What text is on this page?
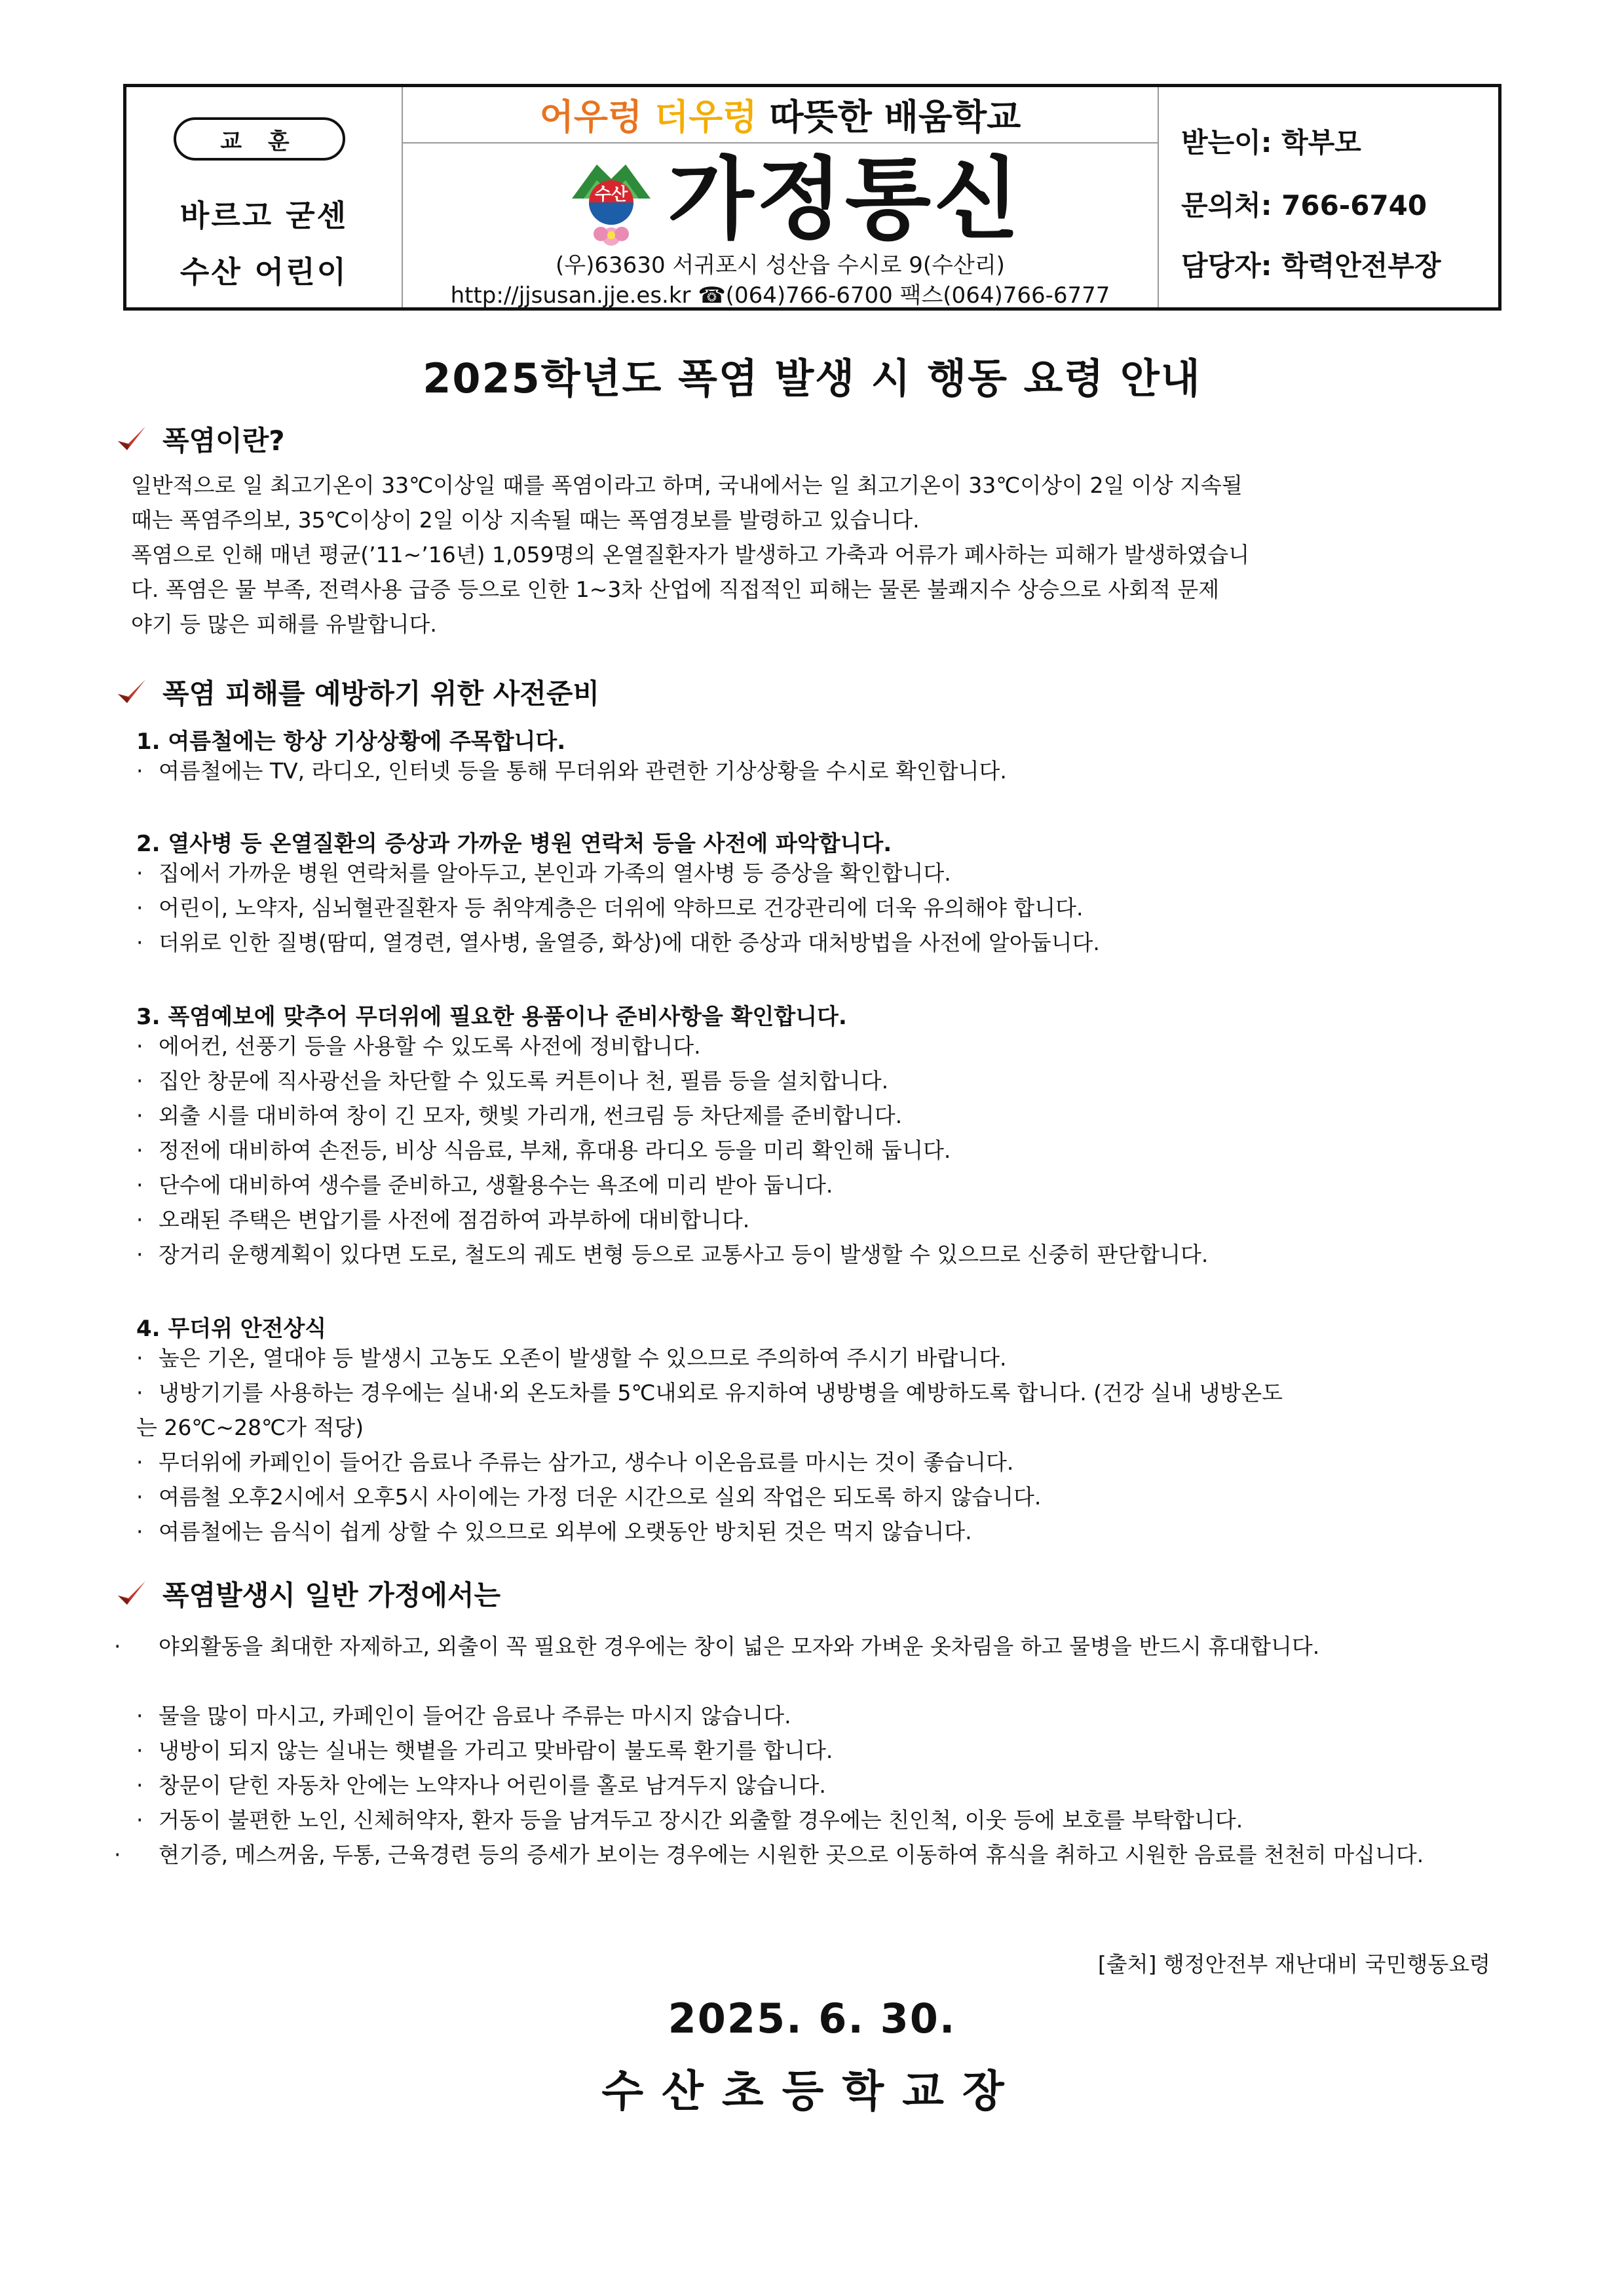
교 훈
바르고 굳센
수산 어린이
어우렁 더우렁 따뜻한 배움학교
수산 가정통신
(우)63630 서귀포시 성산읍 수시로 9(수산리)
http://jjsusan.jje.es.kr ☎(064)766-6700 팩스(064)766-6777
받는이: 학부모
문의처: 766-6740
담당자: 학력안전부장
2025학년도 폭염 발생 시 행동 요령 안내
폭염이란?
일반적으로 일 최고기온이 33℃이상일 때를 폭염이라고 하며, 국내에서는 일 최고기온이 33℃이상이 2일 이상 지속될
때는 폭염주의보, 35℃이상이 2일 이상 지속될 때는 폭염경보를 발령하고 있습니다.
폭염으로 인해 매년 평균(’11~’16년) 1,059명의 온열질환자가 발생하고 가축과 어류가 폐사하는 피해가 발생하였습니
다. 폭염은 물 부족, 전력사용 급증 등으로 인한 1~3차 산업에 직접적인 피해는 물론 불쾌지수 상승으로 사회적 문제
야기 등 많은 피해를 유발합니다.
폭염 피해를 예방하기 위한 사전준비
1. 여름철에는 항상 기상상황에 주목합니다.
· 여름철에는 TV, 라디오, 인터넷 등을 통해 무더위와 관련한 기상상황을 수시로 확인합니다.
2. 열사병 등 온열질환의 증상과 가까운 병원 연락처 등을 사전에 파악합니다.
· 집에서 가까운 병원 연락처를 알아두고, 본인과 가족의 열사병 등 증상을 확인합니다.
· 어린이, 노약자, 심뇌혈관질환자 등 취약계층은 더위에 약하므로 건강관리에 더욱 유의해야 합니다.
· 더위로 인한 질병(땀띠, 열경련, 열사병, 울열증, 화상)에 대한 증상과 대처방법을 사전에 알아둡니다.
3. 폭염예보에 맞추어 무더위에 필요한 용품이나 준비사항을 확인합니다.
· 에어컨, 선풍기 등을 사용할 수 있도록 사전에 정비합니다.
· 집안 창문에 직사광선을 차단할 수 있도록 커튼이나 천, 필름 등을 설치합니다.
· 외출 시를 대비하여 창이 긴 모자, 햇빛 가리개, 썬크림 등 차단제를 준비합니다.
· 정전에 대비하여 손전등, 비상 식음료, 부채, 휴대용 라디오 등을 미리 확인해 둡니다.
· 단수에 대비하여 생수를 준비하고, 생활용수는 욕조에 미리 받아 둡니다.
· 오래된 주택은 변압기를 사전에 점검하여 과부하에 대비합니다.
· 장거리 운행계획이 있다면 도로, 철도의 궤도 변형 등으로 교통사고 등이 발생할 수 있으므로 신중히 판단합니다.
4. 무더위 안전상식
· 높은 기온, 열대야 등 발생시 고농도 오존이 발생할 수 있으므로 주의하여 주시기 바랍니다.
· 냉방기기를 사용하는 경우에는 실내·외 온도차를 5℃내외로 유지하여 냉방병을 예방하도록 합니다. (건강 실내 냉방온도
는 26℃~28℃가 적당)
· 무더위에 카페인이 들어간 음료나 주류는 삼가고, 생수나 이온음료를 마시는 것이 좋습니다.
· 여름철 오후2시에서 오후5시 사이에는 가정 더운 시간으로 실외 작업은 되도록 하지 않습니다.
· 여름철에는 음식이 쉽게 상할 수 있으므로 외부에 오랫동안 방치된 것은 먹지 않습니다.
폭염발생시 일반 가정에서는
· 야외활동을 최대한 자제하고, 외출이 꼭 필요한 경우에는 창이 넓은 모자와 가벼운 옷차림을 하고 물병을 반드시 휴대합니다.
· 물을 많이 마시고, 카페인이 들어간 음료나 주류는 마시지 않습니다.
· 냉방이 되지 않는 실내는 햇볕을 가리고 맞바람이 불도록 환기를 합니다.
· 창문이 닫힌 자동차 안에는 노약자나 어린이를 홀로 남겨두지 않습니다.
· 거동이 불편한 노인, 신체허약자, 환자 등을 남겨두고 장시간 외출할 경우에는 친인척, 이웃 등에 보호를 부탁합니다.
· 현기증, 메스꺼움, 두통, 근육경련 등의 증세가 보이는 경우에는 시원한 곳으로 이동하여 휴식을 취하고 시원한 음료를 천천히 마십니다.
[출처] 행정안전부 재난대비 국민행동요령
2025. 6. 30.
수산초등학교장
